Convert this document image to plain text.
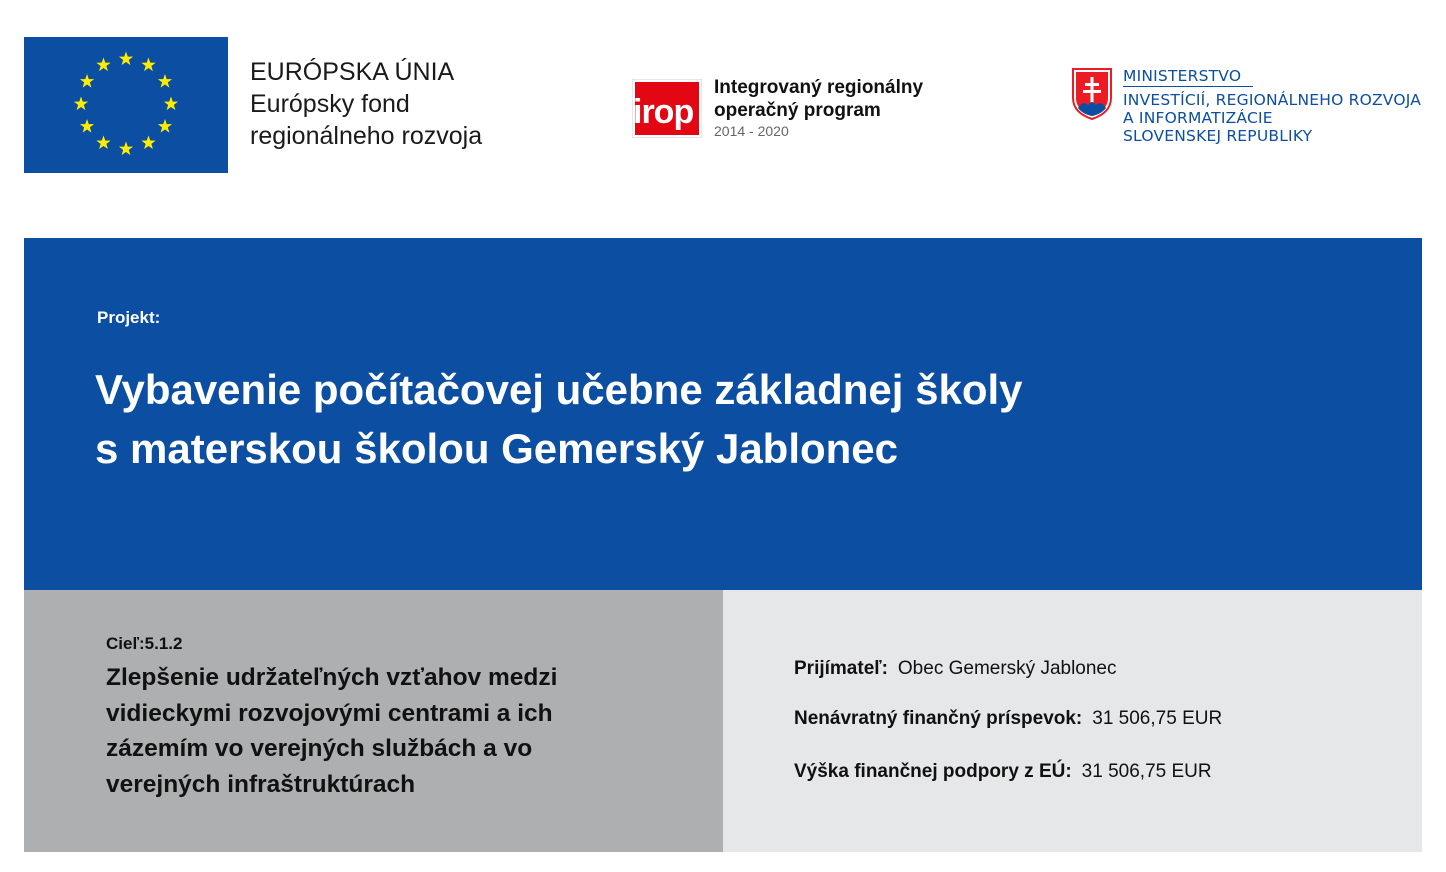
EURÓPSKA ÚNIA
Európsky fond
regionálneho rozvoja
irop
Integrovaný regionálny
operačný program
2014 - 2020
MINISTERSTVO
INVESTÍCIÍ, REGIONÁLNEHO ROZVOJA
A INFORMATIZÁCIE
SLOVENSKEJ REPUBLIKY
Projekt:
Vybavenie počítačovej učebne základnej školy
s materskou školou Gemerský Jablonec
Cieľ:5.1.2
Zlepšenie udržateľných vzťahov medzi
vidieckymi rozvojovými centrami a ich
zázemím vo verejných službách a vo
verejných infraštruktúrach
Prijímateľ: Obec Gemerský Jablonec
Nenávratný finančný príspevok: 31 506,75 EUR
Výška finančnej podpory z EÚ: 31 506,75 EUR
